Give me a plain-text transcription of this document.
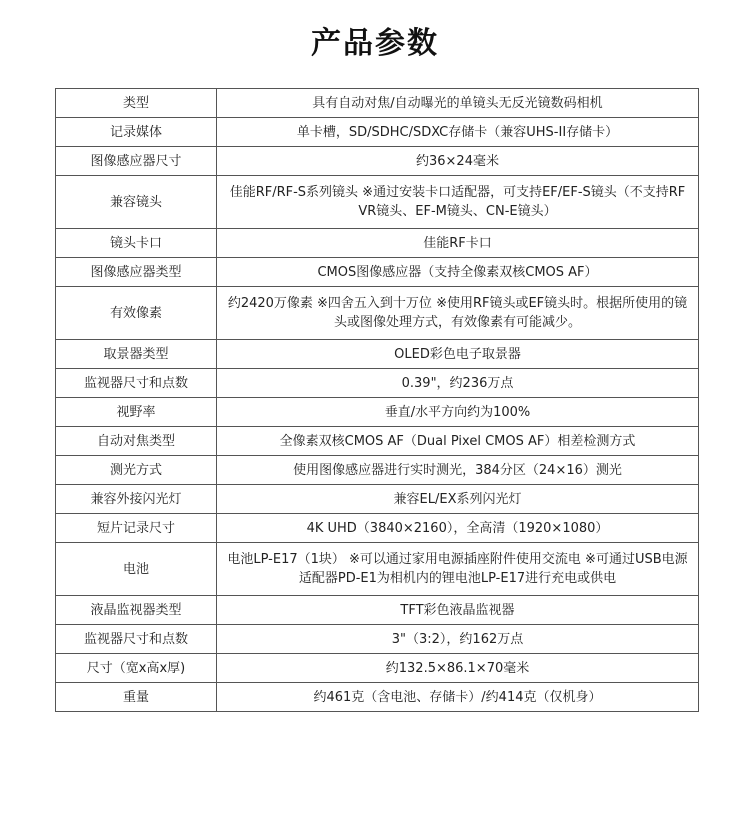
产品参数
类型	具有自动对焦/自动曝光的单镜头无反光镜数码相机
记录媒体	单卡槽，SD/SDHC/SDXC存储卡（兼容UHS-II存储卡）
图像感应器尺寸	约36×24毫米
兼容镜头	佳能RF/RF-S系列镜头 ※通过安装卡口适配器，可支持EF/EF-S镜头（不支持RF VR镜头、EF-M镜头、CN-E镜头）
镜头卡口	佳能RF卡口
图像感应器类型	CMOS图像感应器（支持全像素双核CMOS AF）
有效像素	约2420万像素 ※四舍五入到十万位 ※使用RF镜头或EF镜头时。根据所使用的镜头或图像处理方式，有效像素有可能减少。
取景器类型	OLED彩色电子取景器
监视器尺寸和点数	0.39"，约236万点
视野率	垂直/水平方向约为100%
自动对焦类型	全像素双核CMOS AF（Dual Pixel CMOS AF）相差检测方式
测光方式	使用图像感应器进行实时测光，384分区（24×16）测光
兼容外接闪光灯	兼容EL/EX系列闪光灯
短片记录尺寸	4K UHD（3840×2160），全高清（1920×1080）
电池	电池LP-E17（1块） ※可以通过家用电源插座附件使用交流电 ※可通过USB电源适配器PD-E1为相机内的锂电池LP-E17进行充电或供电
液晶监视器类型	TFT彩色液晶监视器
监视器尺寸和点数	3"（3:2），约162万点
尺寸（宽x高x厚)	约132.5×86.1×70毫米
重量	约461克（含电池、存储卡）/约414克（仅机身）
